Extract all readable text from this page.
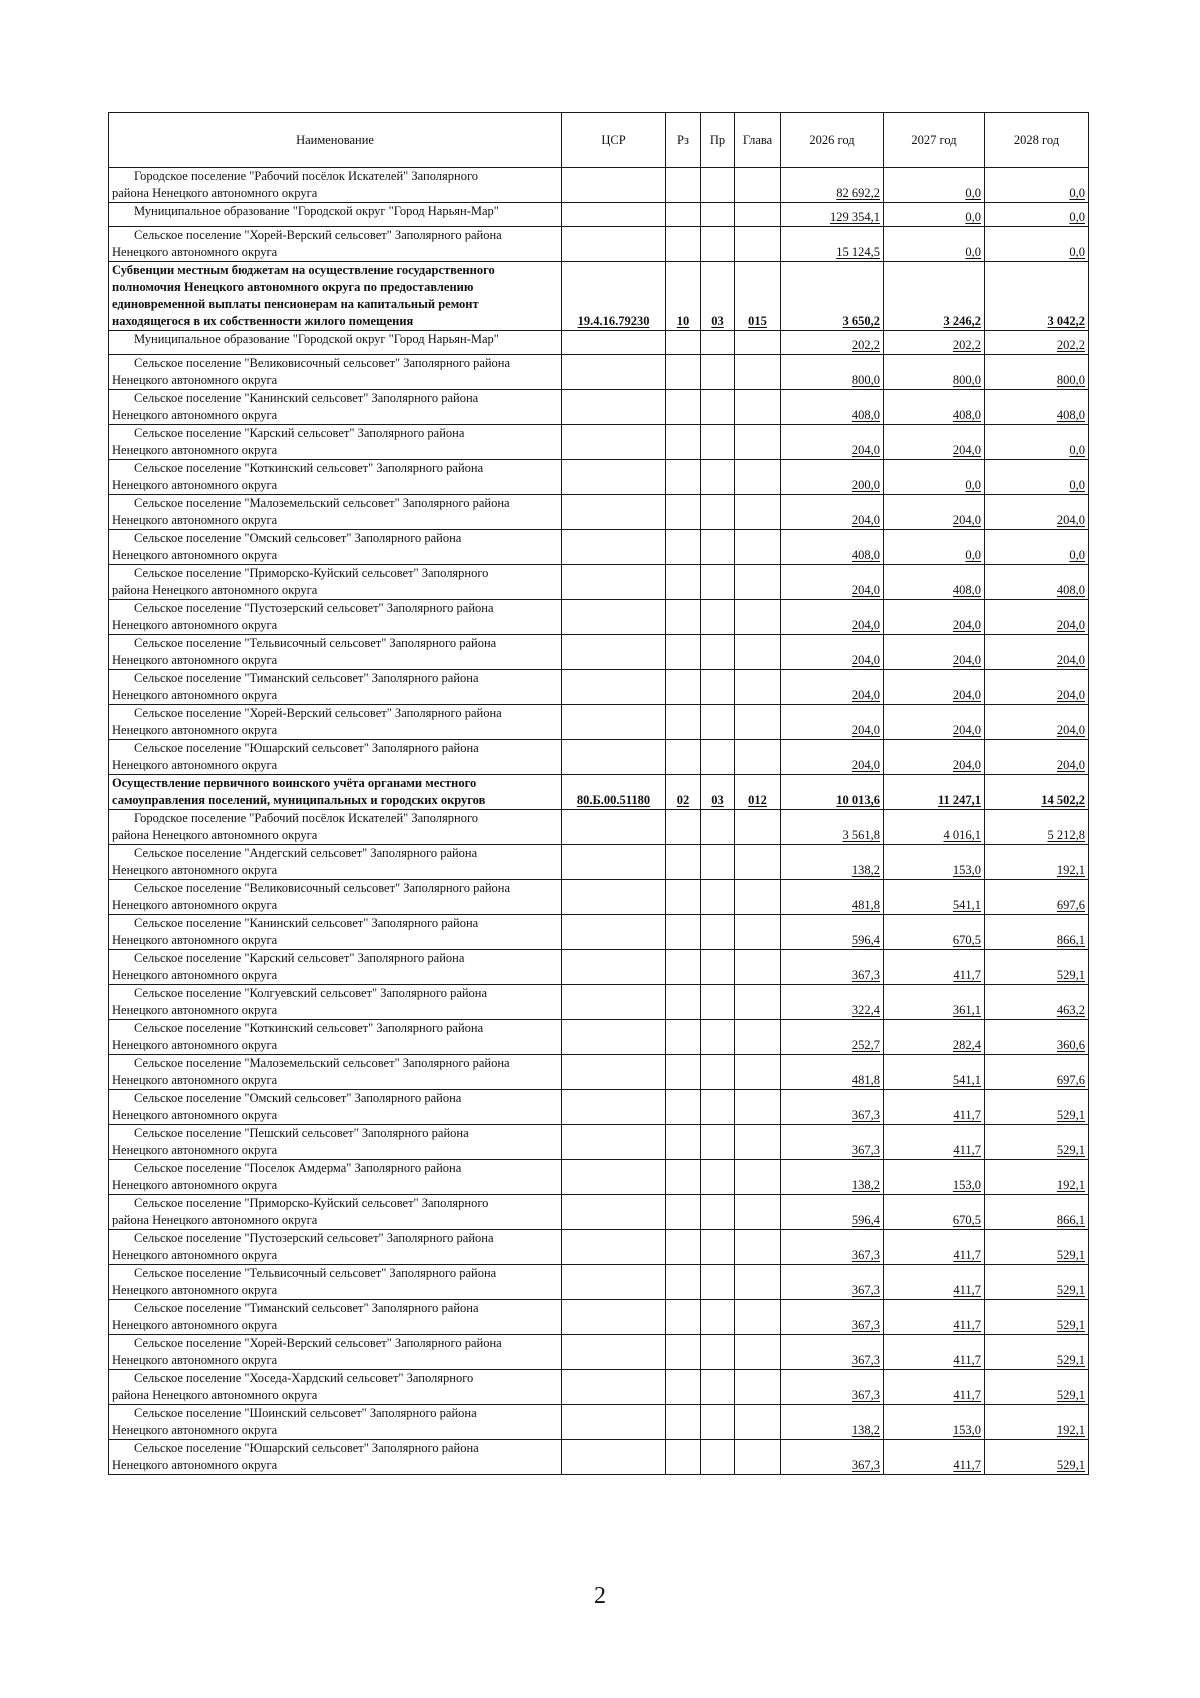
Наименование	ЦСР	Рз	Пр	Глава	2026 год	2027 год	2028 год

Городское поселение "Рабочий посёлок Искателей" Заполярного
района Ненецкого автономного округа					82 692,2	0,0	0,0

Муниципальное образование "Городской округ "Город Нарьян-Мар"					129 354,1	0,0	0,0

Сельское поселение "Хорей-Верский сельсовет" Заполярного района
Ненецкого автономного округа					15 124,5	0,0	0,0

Субвенции местным бюджетам на осуществление государственного
полномочия Ненецкого автономного округа по предоставлению
единовременной выплаты пенсионерам на капитальный ремонт
находящегося в их собственности жилого помещения	19.4.16.79230	10	03	015	3 650,2	3 246,2	3 042,2

Муниципальное образование "Городской округ "Город Нарьян-Мар"					202,2	202,2	202,2

Сельское поселение "Великовисочный сельсовет" Заполярного района
Ненецкого автономного округа					800,0	800,0	800,0

Сельское поселение "Канинский сельсовет" Заполярного района
Ненецкого автономного округа					408,0	408,0	408,0

Сельское поселение "Карский сельсовет" Заполярного района
Ненецкого автономного округа					204,0	204,0	0,0

Сельское поселение "Коткинский сельсовет" Заполярного района
Ненецкого автономного округа					200,0	0,0	0,0

Сельское поселение "Малоземельский сельсовет" Заполярного района
Ненецкого автономного округа					204,0	204,0	204,0

Сельское поселение "Омский сельсовет" Заполярного района
Ненецкого автономного округа					408,0	0,0	0,0

Сельское поселение "Приморско-Куйский сельсовет" Заполярного
района Ненецкого автономного округа					204,0	408,0	408,0

Сельское поселение "Пустозерский сельсовет" Заполярного района
Ненецкого автономного округа					204,0	204,0	204,0

Сельское поселение "Тельвисочный сельсовет" Заполярного района
Ненецкого автономного округа					204,0	204,0	204,0

Сельское поселение "Тиманский сельсовет" Заполярного района
Ненецкого автономного округа					204,0	204,0	204,0

Сельское поселение "Хорей-Верский сельсовет" Заполярного района
Ненецкого автономного округа					204,0	204,0	204,0

Сельское поселение "Юшарский сельсовет" Заполярного района
Ненецкого автономного округа					204,0	204,0	204,0

Осуществление первичного воинского учёта органами местного
самоуправления поселений, муниципальных и городских округов	80.Б.00.51180	02	03	012	10 013,6	11 247,1	14 502,2

Городское поселение "Рабочий посёлок Искателей" Заполярного
района Ненецкого автономного округа					3 561,8	4 016,1	5 212,8

Сельское поселение "Андегский сельсовет" Заполярного района
Ненецкого автономного округа					138,2	153,0	192,1

Сельское поселение "Великовисочный сельсовет" Заполярного района
Ненецкого автономного округа					481,8	541,1	697,6

Сельское поселение "Канинский сельсовет" Заполярного района
Ненецкого автономного округа					596,4	670,5	866,1

Сельское поселение "Карский сельсовет" Заполярного района
Ненецкого автономного округа					367,3	411,7	529,1

Сельское поселение "Колгуевский сельсовет" Заполярного района
Ненецкого автономного округа					322,4	361,1	463,2

Сельское поселение "Коткинский сельсовет" Заполярного района
Ненецкого автономного округа					252,7	282,4	360,6

Сельское поселение "Малоземельский сельсовет" Заполярного района
Ненецкого автономного округа					481,8	541,1	697,6

Сельское поселение "Омский сельсовет" Заполярного района
Ненецкого автономного округа					367,3	411,7	529,1

Сельское поселение "Пешский сельсовет" Заполярного района
Ненецкого автономного округа					367,3	411,7	529,1

Сельское поселение "Поселок Амдерма" Заполярного района
Ненецкого автономного округа					138,2	153,0	192,1

Сельское поселение "Приморско-Куйский сельсовет" Заполярного
района Ненецкого автономного округа					596,4	670,5	866,1

Сельское поселение "Пустозерский сельсовет" Заполярного района
Ненецкого автономного округа					367,3	411,7	529,1

Сельское поселение "Тельвисочный сельсовет" Заполярного района
Ненецкого автономного округа					367,3	411,7	529,1

Сельское поселение "Тиманский сельсовет" Заполярного района
Ненецкого автономного округа					367,3	411,7	529,1

Сельское поселение "Хорей-Верский сельсовет" Заполярного района
Ненецкого автономного округа					367,3	411,7	529,1

Сельское поселение "Хоседа-Хардский сельсовет" Заполярного
района Ненецкого автономного округа					367,3	411,7	529,1

Сельское поселение "Шоинский сельсовет" Заполярного района
Ненецкого автономного округа					138,2	153,0	192,1

Сельское поселение "Юшарский сельсовет" Заполярного района
Ненецкого автономного округа					367,3	411,7	529,1
2
